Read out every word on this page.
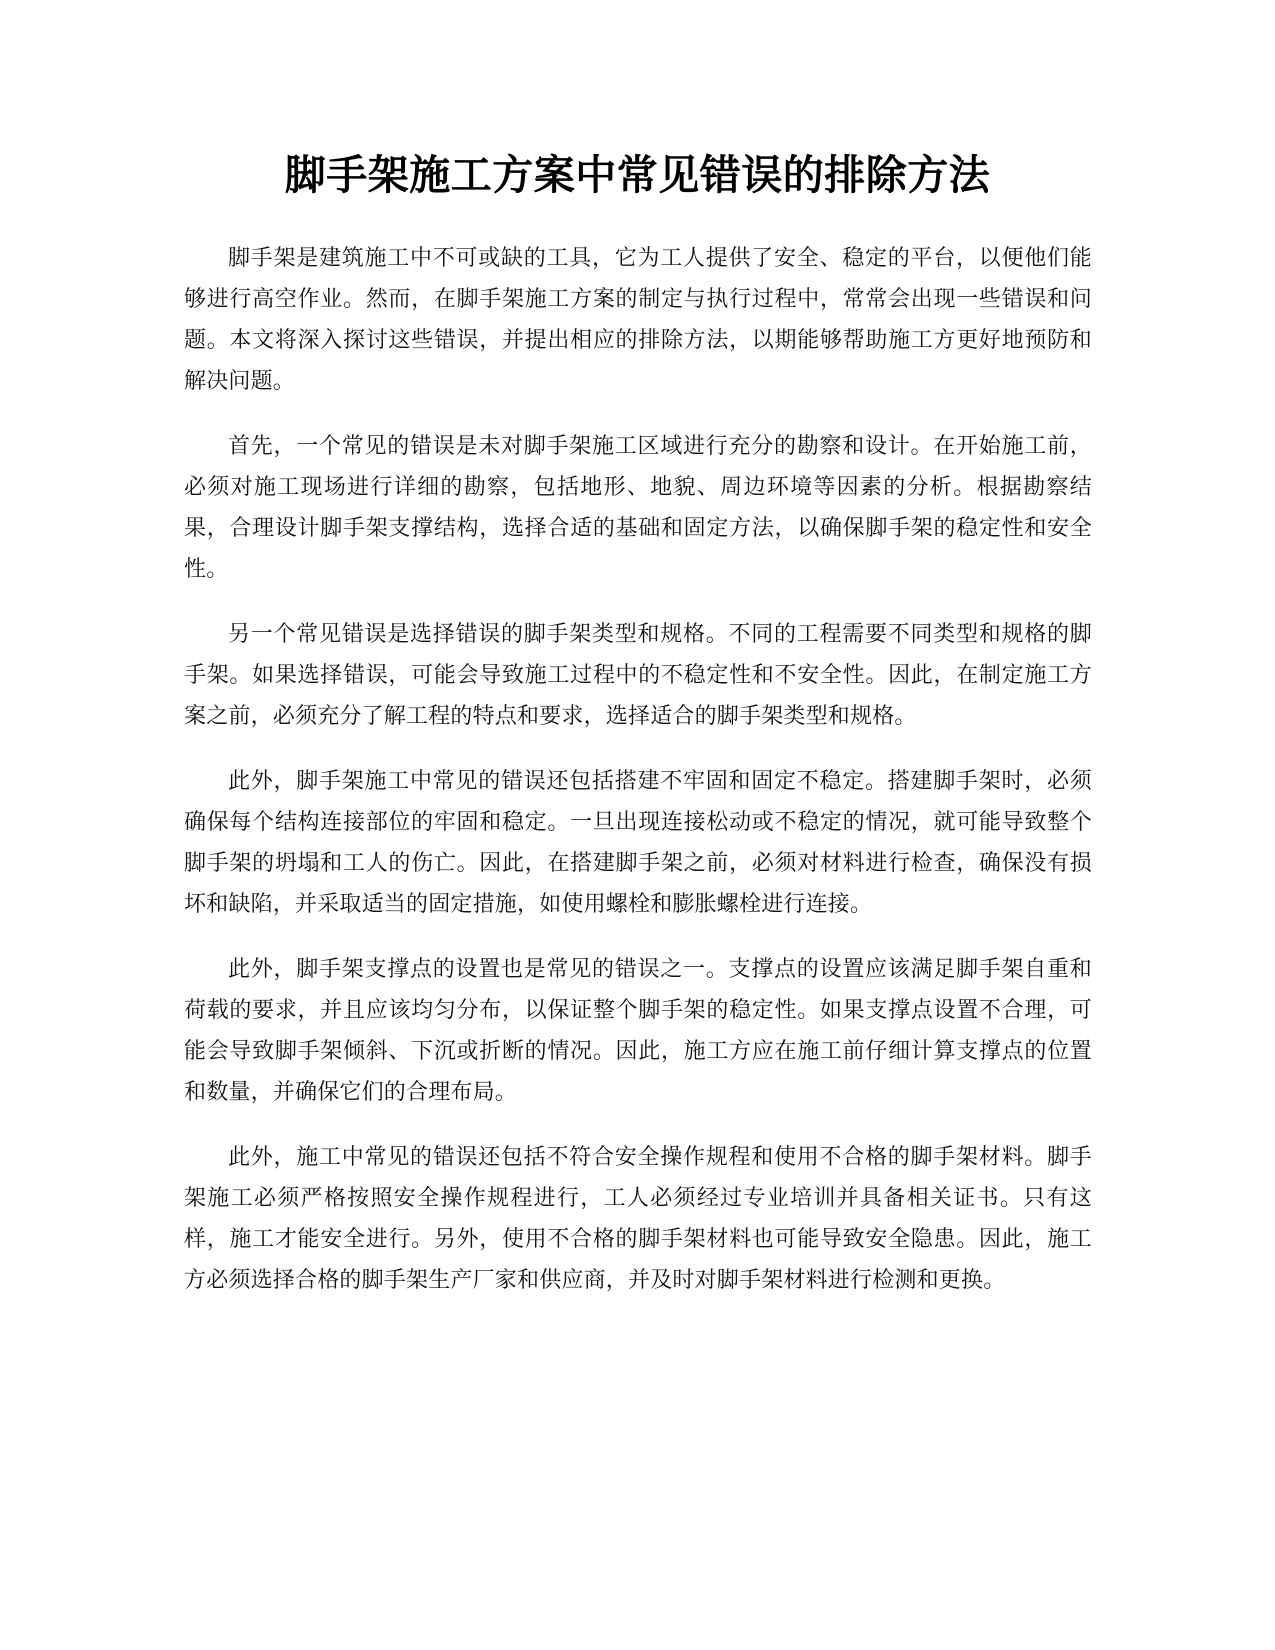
脚手架施工方案中常见错误的排除方法

脚手架是建筑施工中不可或缺的工具，它为工人提供了安全、稳定的平台，以便他们能够进行高空作业。然而，在脚手架施工方案的制定与执行过程中，常常会出现一些错误和问题。本文将深入探讨这些错误，并提出相应的排除方法，以期能够帮助施工方更好地预防和解决问题。

首先，一个常见的错误是未对脚手架施工区域进行充分的勘察和设计。在开始施工前，必须对施工现场进行详细的勘察，包括地形、地貌、周边环境等因素的分析。根据勘察结果，合理设计脚手架支撑结构，选择合适的基础和固定方法，以确保脚手架的稳定性和安全性。

另一个常见错误是选择错误的脚手架类型和规格。不同的工程需要不同类型和规格的脚手架。如果选择错误，可能会导致施工过程中的不稳定性和不安全性。因此，在制定施工方案之前，必须充分了解工程的特点和要求，选择适合的脚手架类型和规格。

此外，脚手架施工中常见的错误还包括搭建不牢固和固定不稳定。搭建脚手架时，必须确保每个结构连接部位的牢固和稳定。一旦出现连接松动或不稳定的情况，就可能导致整个脚手架的坍塌和工人的伤亡。因此，在搭建脚手架之前，必须对材料进行检查，确保没有损坏和缺陷，并采取适当的固定措施，如使用螺栓和膨胀螺栓进行连接。

此外，脚手架支撑点的设置也是常见的错误之一。支撑点的设置应该满足脚手架自重和荷载的要求，并且应该均匀分布，以保证整个脚手架的稳定性。如果支撑点设置不合理，可能会导致脚手架倾斜、下沉或折断的情况。因此，施工方应在施工前仔细计算支撑点的位置和数量，并确保它们的合理布局。

此外，施工中常见的错误还包括不符合安全操作规程和使用不合格的脚手架材料。脚手架施工必须严格按照安全操作规程进行，工人必须经过专业培训并具备相关证书。只有这样，施工才能安全进行。另外，使用不合格的脚手架材料也可能导致安全隐患。因此，施工方必须选择合格的脚手架生产厂家和供应商，并及时对脚手架材料进行检测和更换。
